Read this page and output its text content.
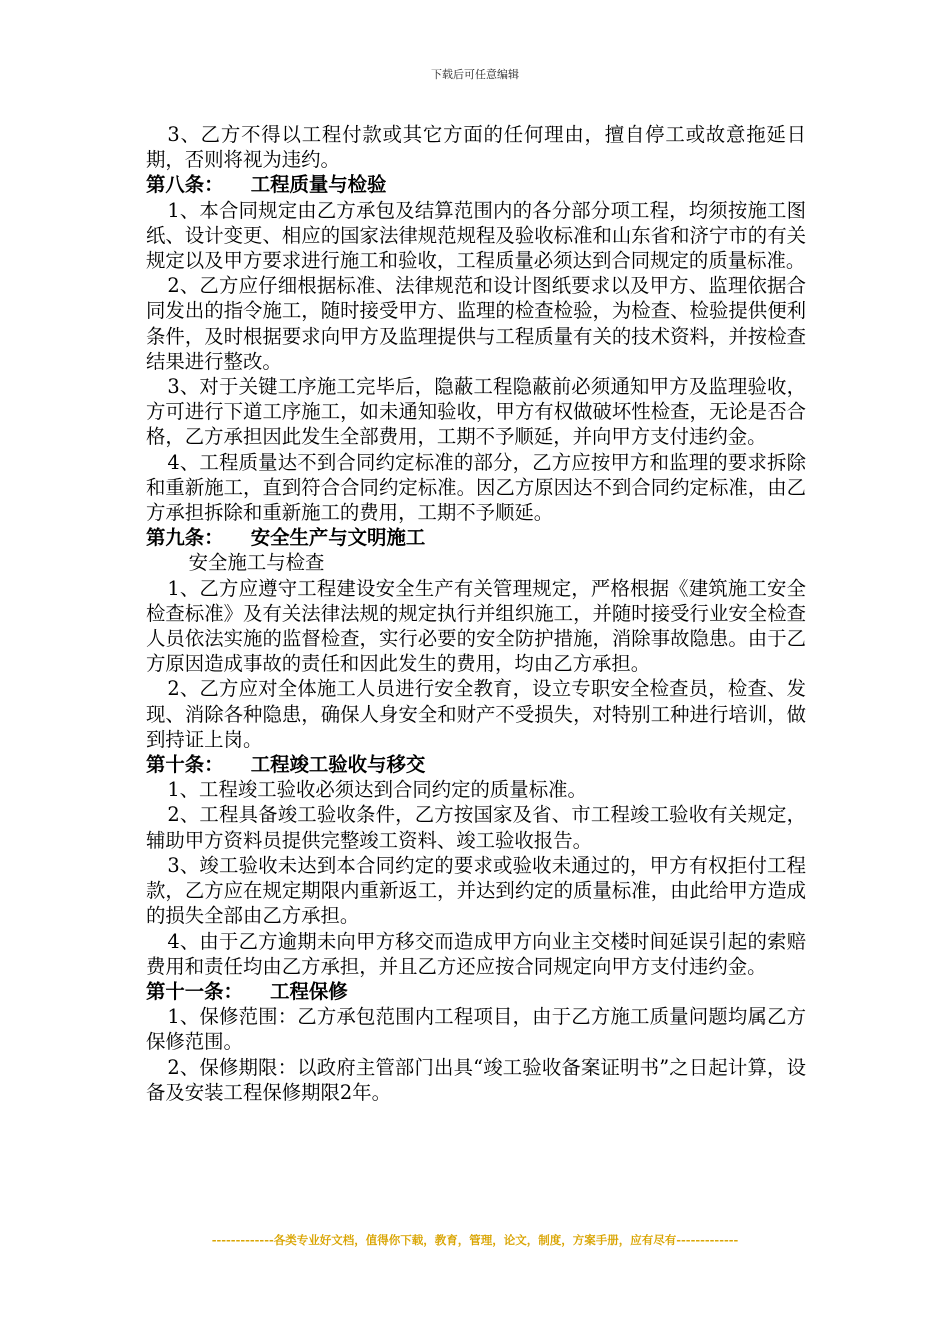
下载后可任意编辑

3、乙方不得以工程付款或其它方面的任何理由，擅自停工或故意拖延日期，否则将视为违约。

第八条： 工程质量与检验

1、本合同规定由乙方承包及结算范围内的各分部分项工程，均须按施工图纸、设计变更、相应的国家法律规范规程及验收标准和山东省和济宁市的有关规定以及甲方要求进行施工和验收，工程质量必须达到合同规定的质量标准。

2、乙方应仔细根据标准、法律规范和设计图纸要求以及甲方、监理依据合同发出的指令施工，随时接受甲方、监理的检查检验，为检查、检验提供便利条件，及时根据要求向甲方及监理提供与工程质量有关的技术资料，并按检查结果进行整改。

3、对于关键工序施工完毕后，隐蔽工程隐蔽前必须通知甲方及监理验收，方可进行下道工序施工，如未通知验收，甲方有权做破坏性检查，无论是否合格，乙方承担因此发生全部费用，工期不予顺延，并向甲方支付违约金。

4、工程质量达不到合同约定标准的部分，乙方应按甲方和监理的要求拆除和重新施工，直到符合合同约定标准。因乙方原因达不到合同约定标准，由乙方承担拆除和重新施工的费用，工期不予顺延。

第九条： 安全生产与文明施工

安全施工与检查

1、乙方应遵守工程建设安全生产有关管理规定，严格根据《建筑施工安全检查标准》及有关法律法规的规定执行并组织施工，并随时接受行业安全检查人员依法实施的监督检查，实行必要的安全防护措施，消除事故隐患。由于乙方原因造成事故的责任和因此发生的费用，均由乙方承担。

2、乙方应对全体施工人员进行安全教育，设立专职安全检查员，检查、发现、消除各种隐患，确保人身安全和财产不受损失，对特别工种进行培训，做到持证上岗。

第十条： 工程竣工验收与移交

1、工程竣工验收必须达到合同约定的质量标准。

2、工程具备竣工验收条件，乙方按国家及省、市工程竣工验收有关规定，辅助甲方资料员提供完整竣工资料、竣工验收报告。

3、竣工验收未达到本合同约定的要求或验收未通过的，甲方有权拒付工程款，乙方应在规定期限内重新返工，并达到约定的质量标准，由此给甲方造成的损失全部由乙方承担。

4、由于乙方逾期未向甲方移交而造成甲方向业主交楼时间延误引起的索赔费用和责任均由乙方承担，并且乙方还应按合同规定向甲方支付违约金。

第十一条： 工程保修

1、保修范围：乙方承包范围内工程项目，由于乙方施工质量问题均属乙方保修范围。

2、保修期限：以政府主管部门出具“竣工验收备案证明书”之日起计算，设备及安装工程保修期限2年。

-------------各类专业好文档，值得你下载，教育，管理，论文，制度，方案手册，应有尽有-------------
